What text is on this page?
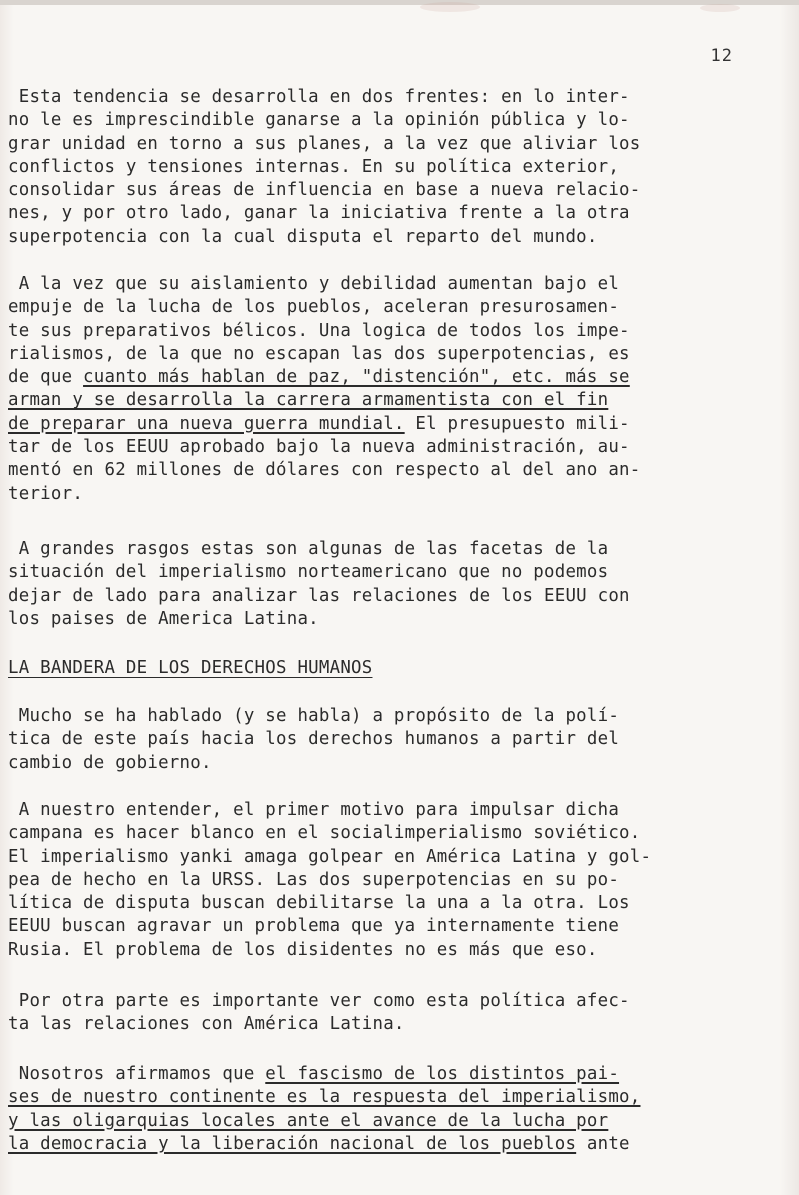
12
Esta tendencia se desarrolla en dos frentes: en lo inter-
no le es imprescindible ganarse a la opinión pública y lo-
grar unidad en torno a sus planes, a la vez que aliviar los
conflictos y tensiones internas. En su política exterior,
consolidar sus áreas de influencia en base a nueva relacio-
nes, y por otro lado, ganar la iniciativa frente a la otra
superpotencia con la cual disputa el reparto del mundo.
A la vez que su aislamiento y debilidad aumentan bajo el
empuje de la lucha de los pueblos, aceleran presurosamen-
te sus preparativos bélicos. Una logica de todos los impe-
rialismos, de la que no escapan las dos superpotencias, es
de que cuanto más hablan de paz, "distención", etc. más se
arman y se desarrolla la carrera armamentista con el fin
de preparar una nueva guerra mundial. El presupuesto mili-
tar de los EEUU aprobado bajo la nueva administración, au-
mentó en 62 millones de dólares con respecto al del ano an-
terior.
A grandes rasgos estas son algunas de las facetas de la
situación del imperialismo norteamericano que no podemos
dejar de lado para analizar las relaciones de los EEUU con
los paises de America Latina.
LA BANDERA DE LOS DERECHOS HUMANOS
Mucho se ha hablado (y se habla) a propósito de la polí-
tica de este país hacia los derechos humanos a partir del
cambio de gobierno.
A nuestro entender, el primer motivo para impulsar dicha
campana es hacer blanco en el socialimperialismo soviético.
El imperialismo yanki amaga golpear en América Latina y gol-
pea de hecho en la URSS. Las dos superpotencias en su po-
lítica de disputa buscan debilitarse la una a la otra. Los
EEUU buscan agravar un problema que ya internamente tiene
Rusia. El problema de los disidentes no es más que eso.
Por otra parte es importante ver como esta política afec-
ta las relaciones con América Latina.
Nosotros afirmamos que el fascismo de los distintos pai-
ses de nuestro continente es la respuesta del imperialismo,
y las oligarquias locales ante el avance de la lucha por
la democracia y la liberación nacional de los pueblos ante
